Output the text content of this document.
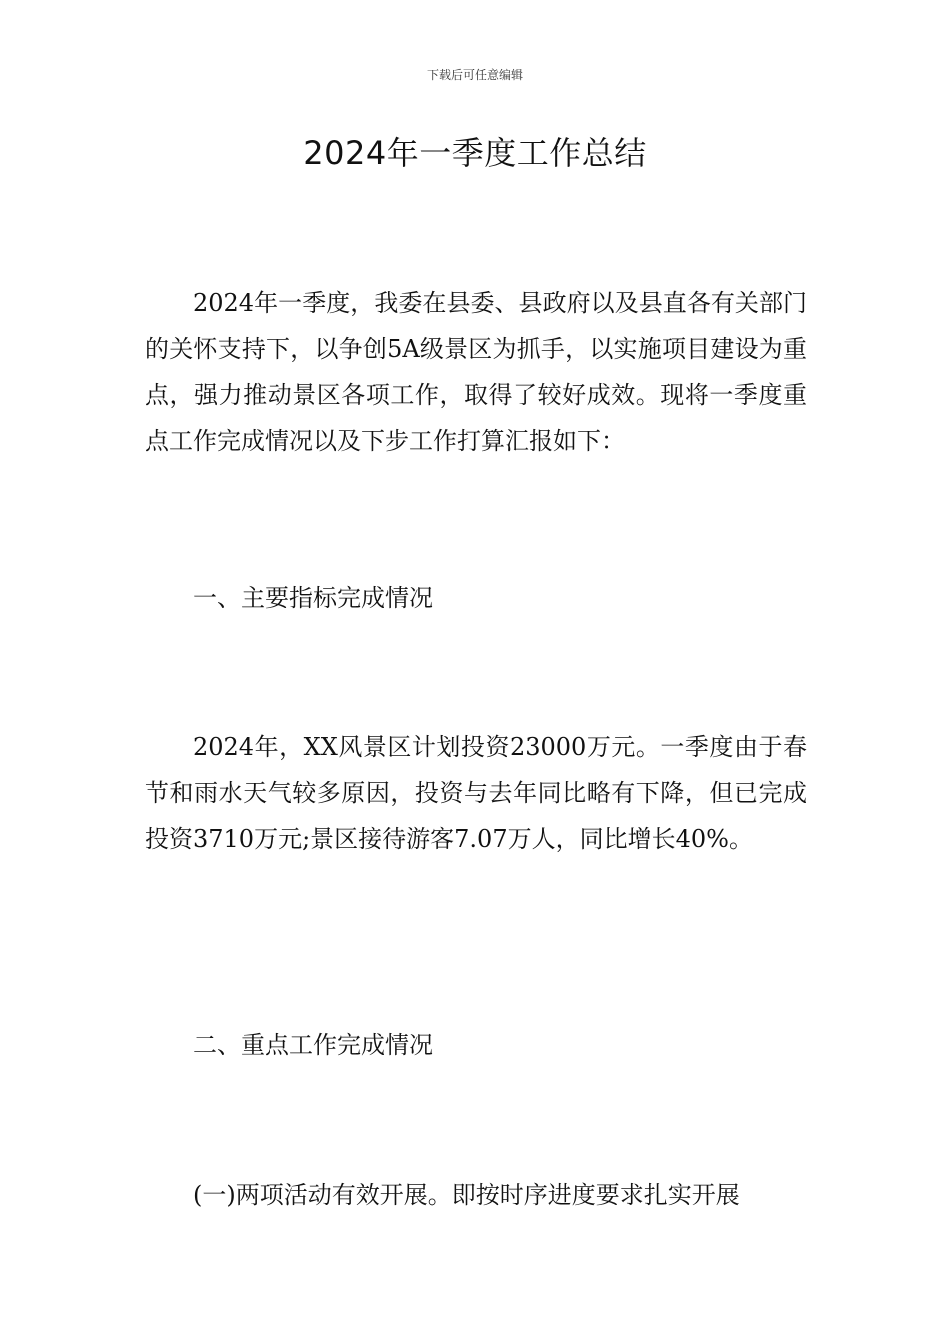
下载后可任意编辑
2024年一季度工作总结

2024年一季度，我委在县委、县政府以及县直各有关部门的关怀支持下，以争创5A级景区为抓手，以实施项目建设为重点，强力推动景区各项工作，取得了较好成效。现将一季度重点工作完成情况以及下步工作打算汇报如下：

一、主要指标完成情况

2024年，XX风景区计划投资23000万元。一季度由于春节和雨水天气较多原因，投资与去年同比略有下降，但已完成投资3710万元;景区接待游客7.07万人，同比增长40%。

二、重点工作完成情况

(一)两项活动有效开展。即按时序进度要求扎实开展
